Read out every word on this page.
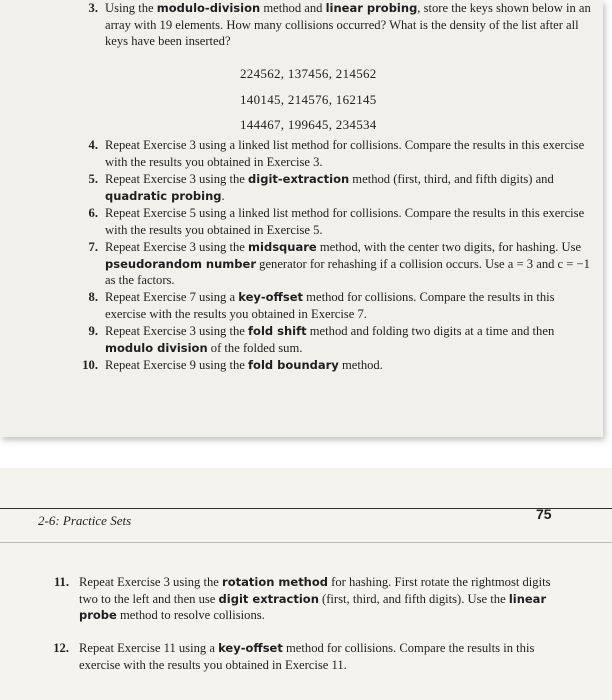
3. Using the modulo-division method and linear probing, store the keys shown below in an array with 19 elements. How many collisions occurred? What is the density of the list after all keys have been inserted?
224562, 137456, 214562
140145, 214576, 162145
144467, 199645, 234534
4. Repeat Exercise 3 using a linked list method for collisions. Compare the results in this exercise with the results you obtained in Exercise 3.
5. Repeat Exercise 3 using the digit-extraction method (first, third, and fifth digits) and quadratic probing.
6. Repeat Exercise 5 using a linked list method for collisions. Compare the results in this exercise with the results you obtained in Exercise 5.
7. Repeat Exercise 3 using the midsquare method, with the center two digits, for hashing. Use pseudorandom number generator for rehashing if a collision occurs. Use a = 3 and c = −1 as the factors.
8. Repeat Exercise 7 using a key-offset method for collisions. Compare the results in this exercise with the results you obtained in Exercise 7.
9. Repeat Exercise 3 using the fold shift method and folding two digits at a time and then modulo division of the folded sum.
10. Repeat Exercise 9 using the fold boundary method.
2-6: Practice Sets	75
11. Repeat Exercise 3 using the rotation method for hashing. First rotate the rightmost digits two to the left and then use digit extraction (first, third, and fifth digits). Use the linear probe method to resolve collisions.
12. Repeat Exercise 11 using a key-offset method for collisions. Compare the results in this exercise with the results you obtained in Exercise 11.
